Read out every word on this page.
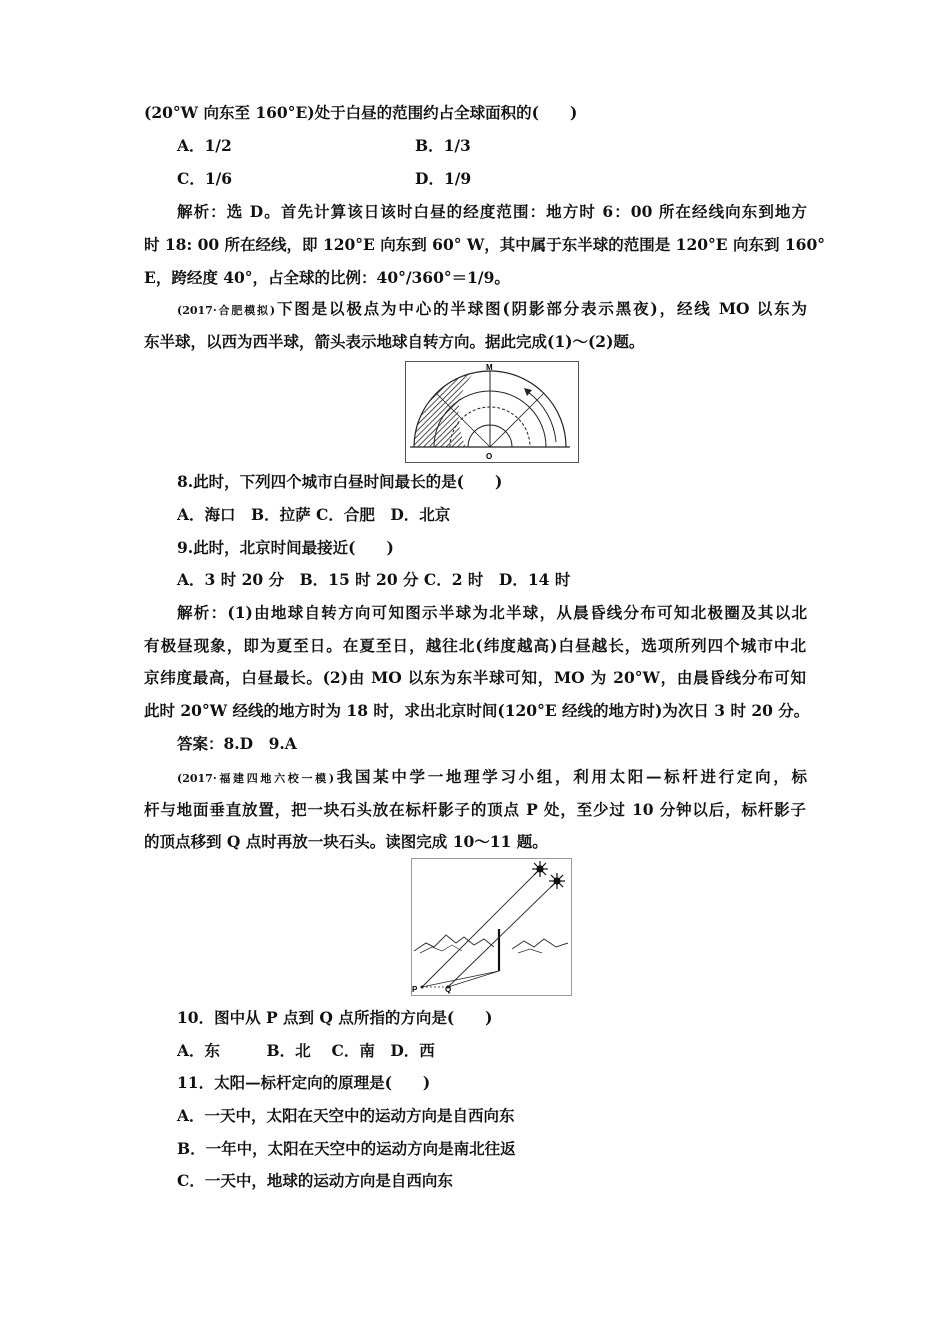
(20°W 向东至 160°E)处于白昼的范围约占全球面积的(　　)
A．1/2	B．1/3
C．1/6	D．1/9
解析：选 D。首先计算该日该时白昼的经度范围：地方时 6：00 所在经线向东到地方
时 18: 00 所在经线，即 120°E 向东到 60° W，其中属于东半球的范围是 120°E 向东到 160°
E，跨经度 40°，占全球的比例：40°/360°＝1/9。
(2017·合肥模拟)下图是以极点为中心的半球图(阴影部分表示黑夜)，经线 MO 以东为
东半球，以西为西半球，箭头表示地球自转方向。据此完成(1)～(2)题。
M
O
8.此时，下列四个城市白昼时间最长的是(　　)
A．海口　B．拉萨 C．合肥　D．北京
9.此时，北京时间最接近(　　)
A．3 时 20 分　B．15 时 20 分 C．2 时　D．14 时
解析：(1)由地球自转方向可知图示半球为北半球，从晨昏线分布可知北极圈及其以北
有极昼现象，即为夏至日。在夏至日，越往北(纬度越高)白昼越长，选项所列四个城市中北
京纬度最高，白昼最长。(2)由 MO 以东为东半球可知，MO 为 20°W，由晨昏线分布可知
此时 20°W 经线的地方时为 18 时，求出北京时间(120°E 经线的地方时)为次日 3 时 20 分。
答案：8.D　9.A
(2017·福建四地六校一模)我国某中学一地理学习小组，利用太阳—标杆进行定向，标
杆与地面垂直放置，把一块石头放在标杆影子的顶点 P 处，至少过 10 分钟以后，标杆影子
的顶点移到 Q 点时再放一块石头。读图完成 10～11 题。
P	Q
10．图中从 P 点到 Q 点所指的方向是(　　)
A．东　　　B．北　 C．南　D．西
11．太阳—标杆定向的原理是(　　)
A．一天中，太阳在天空中的运动方向是自西向东
B．一年中，太阳在天空中的运动方向是南北往返
C．一天中，地球的运动方向是自西向东
